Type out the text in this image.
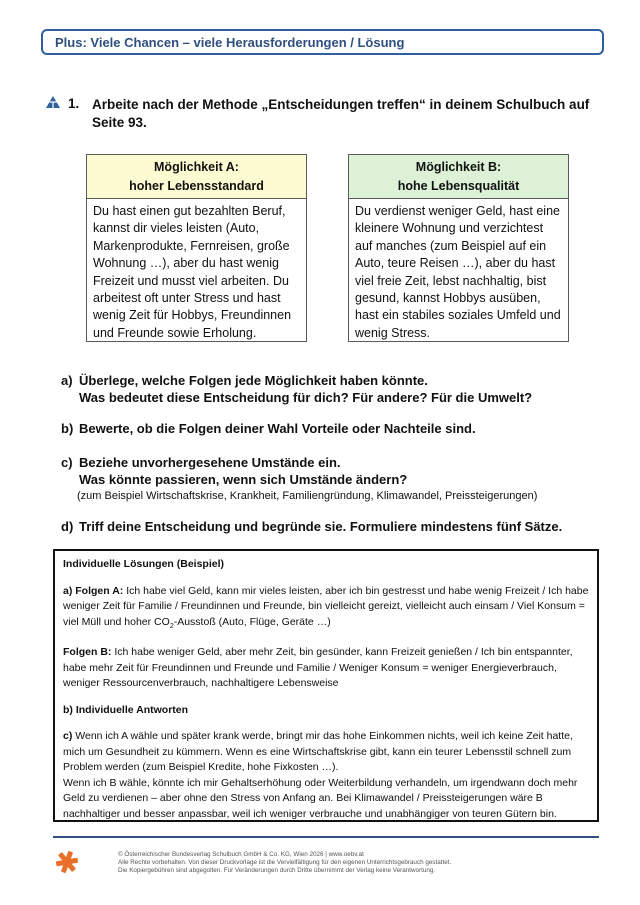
Plus: Viele Chancen – viele Herausforderungen / Lösung
1. Arbeite nach der Methode „Entscheidungen treffen“ in deinem Schulbuch auf Seite 93.
Möglichkeit A:
hoher Lebensstandard
Du hast einen gut bezahlten Beruf, kannst dir vieles leisten (Auto, Markenprodukte, Fernreisen, große Wohnung …), aber du hast wenig Freizeit und musst viel arbeiten. Du arbeitest oft unter Stress und hast wenig Zeit für Hobbys, Freundinnen und Freunde sowie Erholung.
Möglichkeit B:
hohe Lebensqualität
Du verdienst weniger Geld, hast eine kleinere Wohnung und verzichtest auf manches (zum Beispiel auf ein Auto, teure Reisen …), aber du hast viel freie Zeit, lebst nachhaltig, bist gesund, kannst Hobbys ausüben, hast ein stabiles soziales Umfeld und wenig Stress.
a) Überlege, welche Folgen jede Möglichkeit haben könnte.
Was bedeutet diese Entscheidung für dich? Für andere? Für die Umwelt?
b) Bewerte, ob die Folgen deiner Wahl Vorteile oder Nachteile sind.
c) Beziehe unvorhergesehene Umstände ein.
Was könnte passieren, wenn sich Umstände ändern?
(zum Beispiel Wirtschaftskrise, Krankheit, Familiengründung, Klimawandel, Preissteigerungen)
d) Triff deine Entscheidung und begründe sie. Formuliere mindestens fünf Sätze.

Individuelle Lösungen (Beispiel)

a) Folgen A: Ich habe viel Geld, kann mir vieles leisten, aber ich bin gestresst und habe wenig Freizeit / Ich habe weniger Zeit für Familie / Freundinnen und Freunde, bin vielleicht gereizt, vielleicht auch einsam / Viel Konsum = viel Müll und hoher $CO_2$-Ausstoß (Auto, Flüge, Geräte …)

Folgen B: Ich habe weniger Geld, aber mehr Zeit, bin gesünder, kann Freizeit genießen / Ich bin entspannter, habe mehr Zeit für Freundinnen und Freunde und Familie / Weniger Konsum = weniger Energieverbrauch, weniger Ressourcenverbrauch, nachhaltigere Lebensweise

b) Individuelle Antworten

c) Wenn ich A wähle und später krank werde, bringt mir das hohe Einkommen nichts, weil ich keine Zeit hatte, mich um Gesundheit zu kümmern. Wenn es eine Wirtschaftskrise gibt, kann ein teurer Lebensstil schnell zum Problem werden (zum Beispiel Kredite, hohe Fixkosten …).
Wenn ich B wähle, könnte ich mir Gehaltserhöhung oder Weiterbildung verhandeln, um irgendwann doch mehr Geld zu verdienen – aber ohne den Stress von Anfang an. Bei Klimawandel / Preissteigerungen wäre B nachhaltiger und besser anpassbar, weil ich weniger verbrauche und unabhängiger von teuren Gütern bin.

© Österreichischer Bundesverlag Schulbuch GmbH & Co. KG, Wien 2026 | www.oebv.at
Alle Rechte vorbehalten. Von dieser Druckvorlage ist die Vervielfältigung für den eigenen Unterrichtsgebrauch gestattet.
Die Kopiergebühren sind abgegolten. Für Veränderungen durch Dritte übernimmt der Verlag keine Verantwortung.
